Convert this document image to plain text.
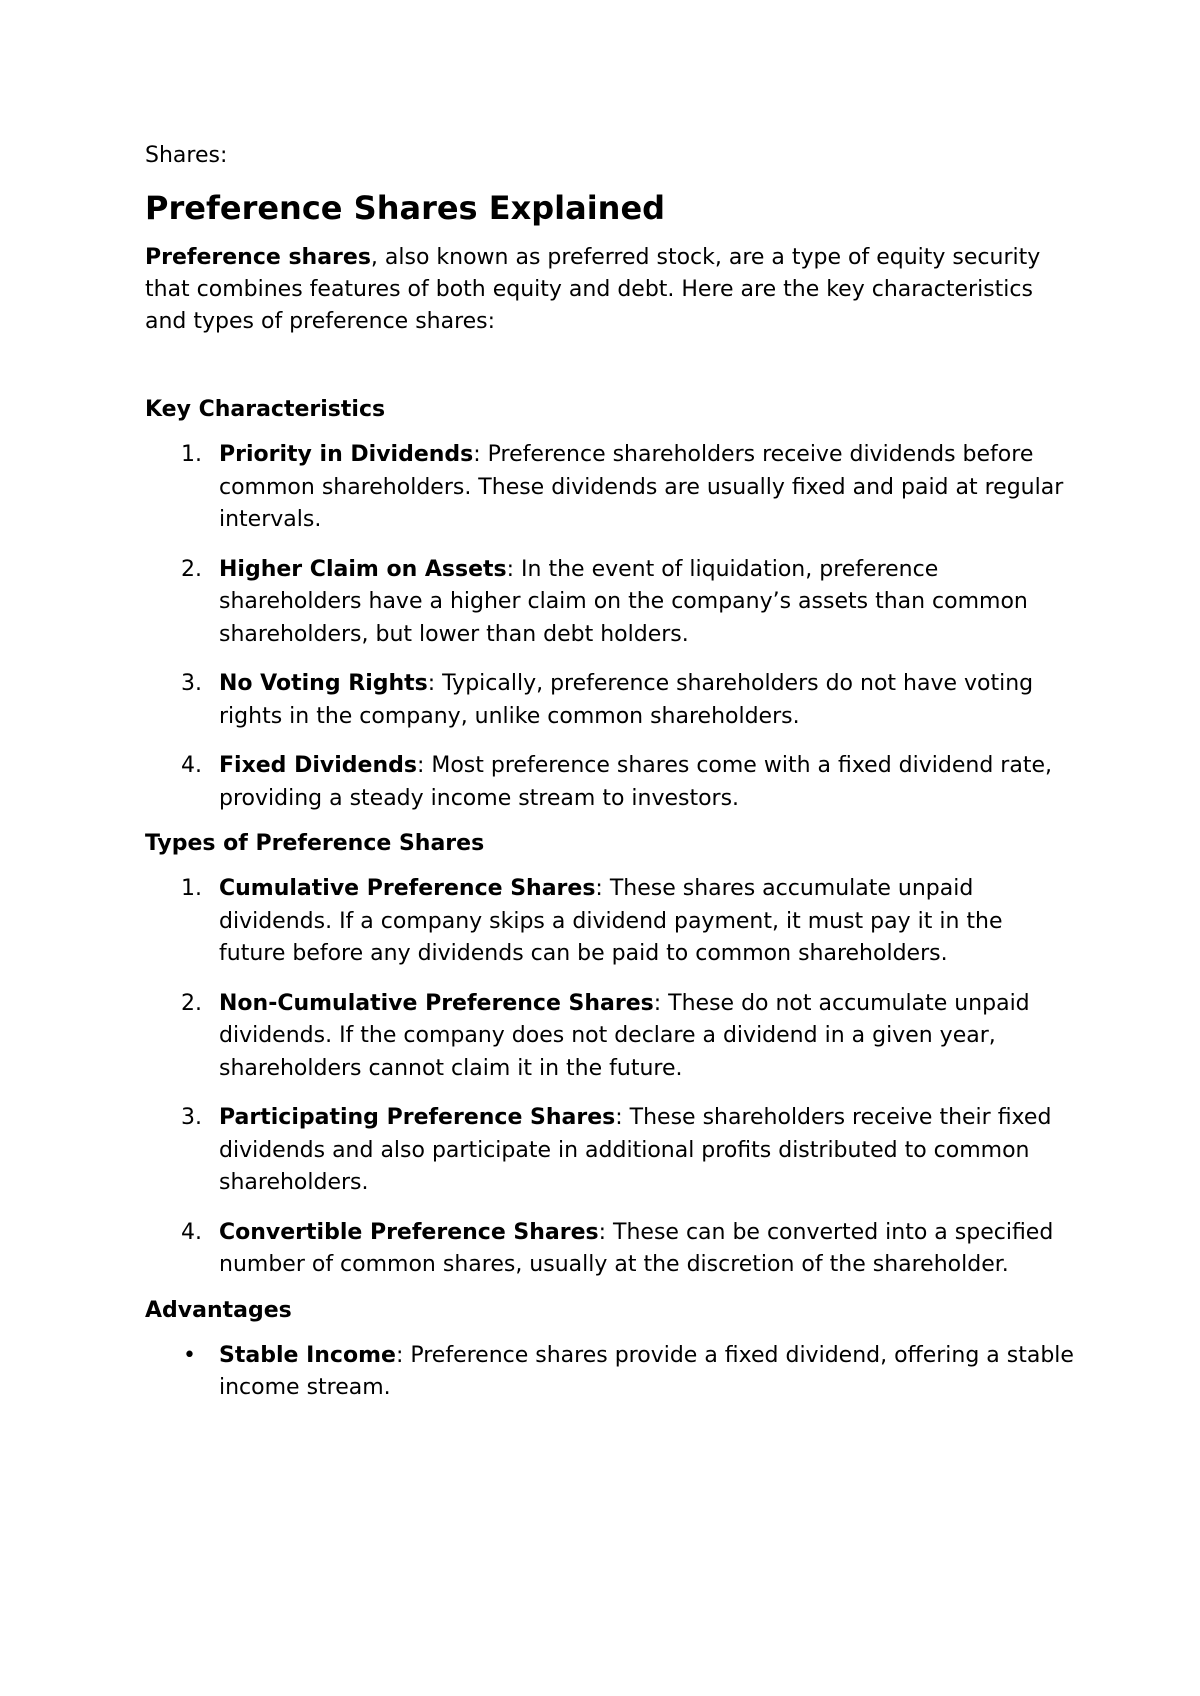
Shares:

Preference Shares Explained

Preference shares, also known as preferred stock, are a type of equity security that combines features of both equity and debt. Here are the key characteristics and types of preference shares:

Key Characteristics
1. Priority in Dividends: Preference shareholders receive dividends before common shareholders. These dividends are usually fixed and paid at regular intervals.
2. Higher Claim on Assets: In the event of liquidation, preference shareholders have a higher claim on the company’s assets than common shareholders, but lower than debt holders.
3. No Voting Rights: Typically, preference shareholders do not have voting rights in the company, unlike common shareholders.
4. Fixed Dividends: Most preference shares come with a fixed dividend rate, providing a steady income stream to investors.
Types of Preference Shares
1. Cumulative Preference Shares: These shares accumulate unpaid dividends. If a company skips a dividend payment, it must pay it in the future before any dividends can be paid to common shareholders.
2. Non-Cumulative Preference Shares: These do not accumulate unpaid dividends. If the company does not declare a dividend in a given year, shareholders cannot claim it in the future.
3. Participating Preference Shares: These shareholders receive their fixed dividends and also participate in additional profits distributed to common shareholders.
4. Convertible Preference Shares: These can be converted into a specified number of common shares, usually at the discretion of the shareholder.
Advantages
• Stable Income: Preference shares provide a fixed dividend, offering a stable income stream.
